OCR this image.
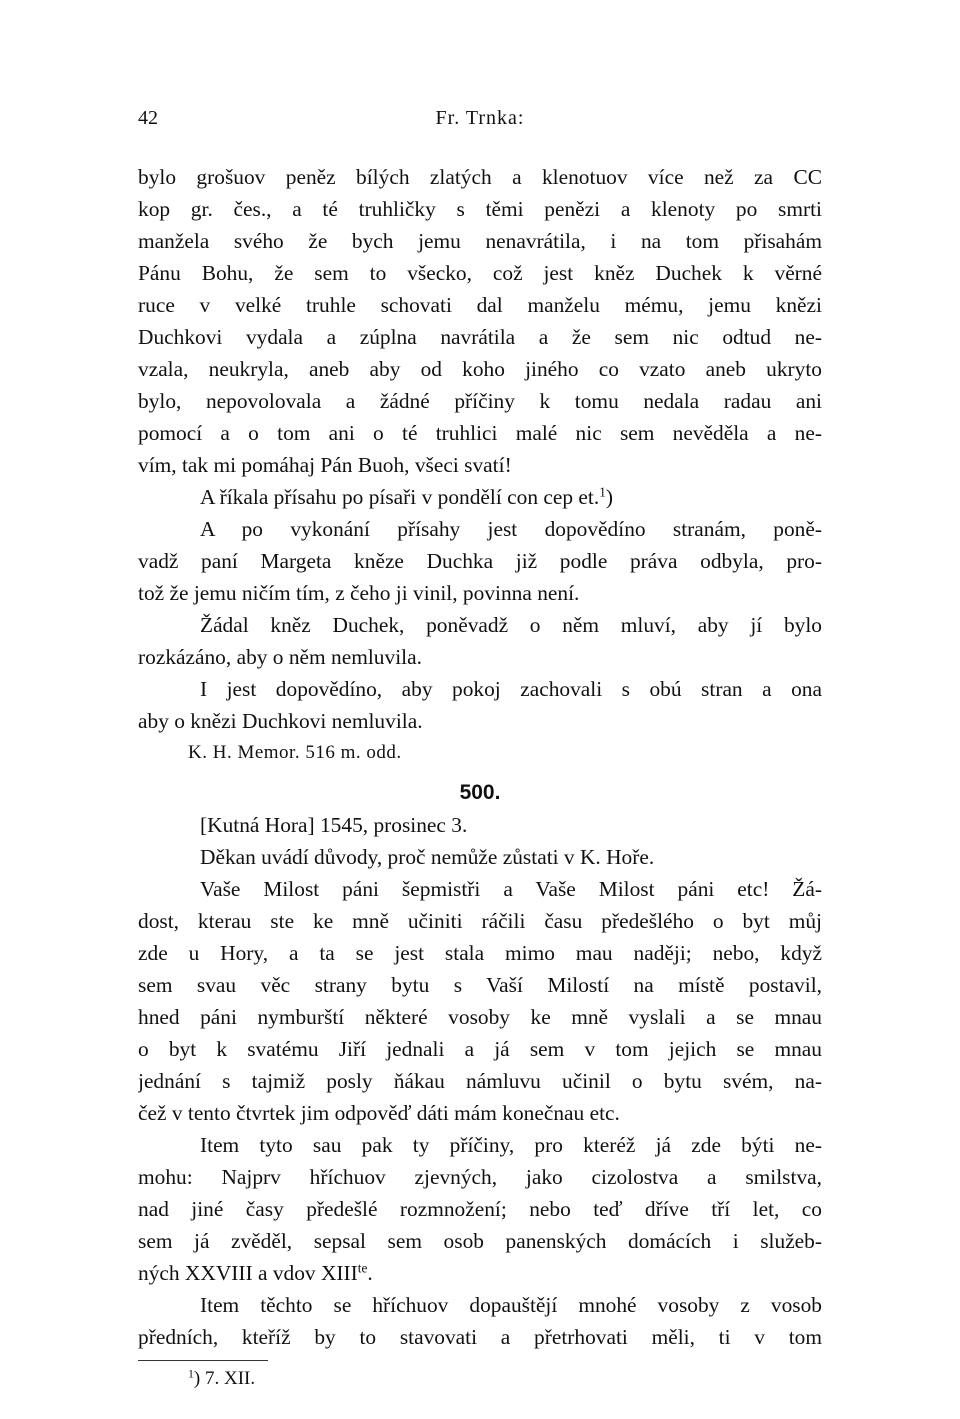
42	Fr. Trnka:
bylo grošuov peněz bílých zlatých a klenotuov více než za CC
kop gr. čes., a té truhličky s těmi penězi a klenoty po smrti
manžela svého že bych jemu nenavrátila, i na tom přisahám
Pánu Bohu, že sem to všecko, což jest kněz Duchek k věrné
ruce v velké truhle schovati dal manželu mému, jemu knězi
Duchkovi vydala a zúplna navrátila a že sem nic odtud ne-
vzala, neukryla, aneb aby od koho jiného co vzato aneb ukryto
bylo, nepovolovala a žádné příčiny k tomu nedala radau ani
pomocí a o tom ani o té truhlici malé nic sem nevěděla a ne-
vím, tak mi pomáhaj Pán Buoh, všeci svatí!
A říkala přísahu po písaři v pondělí con cep et.$^1$)
A po vykonání přísahy jest dopovědíno stranám, poně-
vadž paní Margeta kněze Duchka již podle práva odbyla, pro-
tož že jemu ničím tím, z čeho ji vinil, povinna není.
Žádal kněz Duchek, poněvadž o něm mluví, aby jí bylo
rozkázáno, aby o něm nemluvila.
I jest dopovědíno, aby pokoj zachovali s obú stran a ona
aby o knězi Duchkovi nemluvila.
K. H. Memor. 516 m. odd.
500.
[Kutná Hora] 1545, prosinec 3.
Děkan uvádí důvody, proč nemůže zůstati v K. Hoře.
Vaše Milost páni šepmistři a Vaše Milost páni etc! Žá-
dost, kterau ste ke mně učiniti ráčili času předešlého o byt můj
zde u Hory, a ta se jest stala mimo mau naději; nebo, když
sem svau věc strany bytu s Vaší Milostí na místě postavil,
hned páni nymburští některé vosoby ke mně vyslali a se mnau
o byt k svatému Jiří jednali a já sem v tom jejich se mnau
jednání s tajmiž posly ňákau námluvu učinil o bytu svém, na-
čež v tento čtvrtek jim odpověď dáti mám konečnau etc.
Item tyto sau pak ty příčiny, pro kteréž já zde býti ne-
mohu: Najprv hříchuov zjevných, jako cizolostva a smilstva,
nad jiné časy předešlé rozmnožení; nebo teď dříve tří let, co
sem já zvěděl, sepsal sem osob panenských domácích i služeb-
ných XXVIII a vdov $XIII^{te}$.
Item těchto se hříchuov dopauštějí mnohé vosoby z vosob
předních, kteříž by to stavovati a přetrhovati měli, ti v tom
$^1$) 7. XII.
